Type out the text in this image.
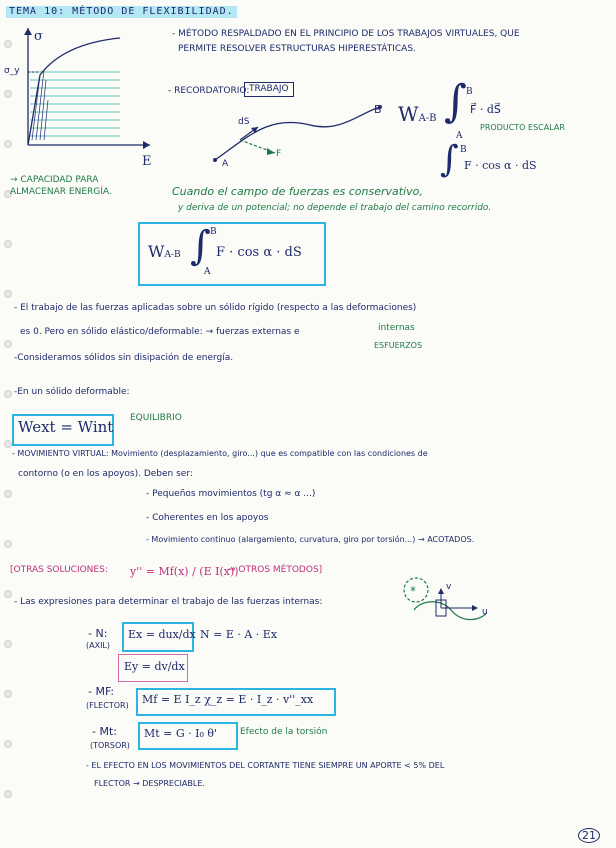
TEMA 10: MÉTODO DE FLEXIBILIDAD.
σ
σ_y
E
→ CAPACIDAD PARA ALMACENAR ENERGÍA.
- MÉTODO RESPALDADO EN EL PRINCIPIO DE LOS TRABAJOS VIRTUALES, QUE
PERMITE RESOLVER ESTRUCTURAS HIPERESTÁTICAS.
- RECORDATORIO: TRABAJO
B
A
dS
F
WA-B ∫ B
A
F⃗ · dS⃗
PRODUCTO ESCALAR
∫ B
F · cos α · dS
Cuando el campo de fuerzas es conservativo,
y deriva de un potencial; no depende el trabajo del camino recorrido.
WA-B ∫ B
A
F · cos α · dS
- El trabajo de las fuerzas aplicadas sobre un sólido rígido (respecto a las deformaciones)
es 0. Pero en sólido elástico/deformable: → fuerzas externas e	internas
ESFUERZOS
-Consideramos sólidos sin disipación de energía.
-En un sólido deformable:
Wext = Wint EQUILIBRIO
- MOVIMIENTO VIRTUAL: Movimiento (desplazamiento, giro...) que es compatible con las condiciones de
contorno (o en los apoyos). Deben ser:
- Pequeños movimientos (tg α ≈ α ...)
- Coherentes en los apoyos
- Movimiento continuo (alargamiento, curvatura, giro por torsión...) → ACOTADOS.
[OTRAS SOLUCIONES: y'' = Mf(x) / (E I(x))
⇒ OTROS MÉTODOS]
- Las expresiones para determinar el trabajo de las fuerzas internas:
*	v
u
- N:
(AXIL)
Ex = dux/dx N = E · A · Ex
Ey = dv/dx
- MF:
(FLECTOR) Mf = E I_z χ_z = E · I_z · v''_xx
- Mt:
(TORSOR)
Mt = G · I₀ θ'	Efecto de la torsión
- EL EFECTO EN LOS MOVIMIENTOS DEL CORTANTE TIENE SIEMPRE UN APORTE < 5% DEL
FLECTOR → DESPRECIABLE.
21
